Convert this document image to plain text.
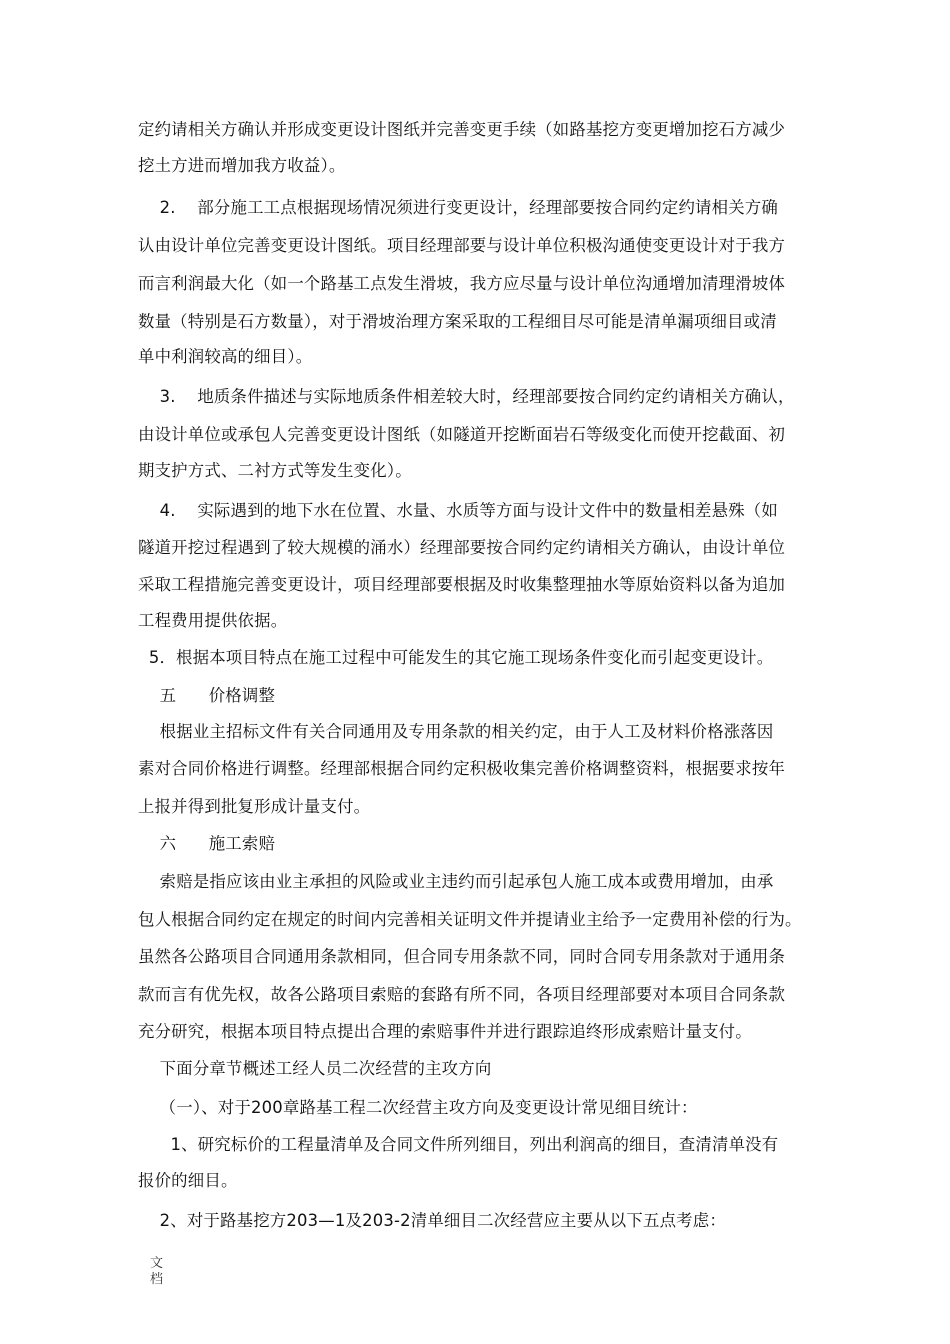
定约请相关方确认并形成变更设计图纸并完善变更手续（如路基挖方变更增加挖石方减少
挖土方进而增加我方收益）。
2.    部分施工工点根据现场情况须进行变更设计，经理部要按合同约定约请相关方确
认由设计单位完善变更设计图纸。项目经理部要与设计单位积极沟通使变更设计对于我方
而言利润最大化（如一个路基工点发生滑坡，我方应尽量与设计单位沟通增加清理滑坡体
数量（特别是石方数量），对于滑坡治理方案采取的工程细目尽可能是清单漏项细目或清
单中利润较高的细目）。
3.    地质条件描述与实际地质条件相差较大时，经理部要按合同约定约请相关方确认，
由设计单位或承包人完善变更设计图纸（如隧道开挖断面岩石等级变化而使开挖截面、初
期支护方式、二衬方式等发生变化）。
4.    实际遇到的地下水在位置、水量、水质等方面与设计文件中的数量相差悬殊（如
隧道开挖过程遇到了较大规模的涌水）经理部要按合同约定约请相关方确认，由设计单位
采取工程措施完善变更设计，项目经理部要根据及时收集整理抽水等原始资料以备为追加
工程费用提供依据。
5．根据本项目特点在施工过程中可能发生的其它施工现场条件变化而引起变更设计。
五      价格调整
根据业主招标文件有关合同通用及专用条款的相关约定，由于人工及材料价格涨落因
素对合同价格进行调整。经理部根据合同约定积极收集完善价格调整资料，根据要求按年
上报并得到批复形成计量支付。
六      施工索赔
索赔是指应该由业主承担的风险或业主违约而引起承包人施工成本或费用增加，由承
包人根据合同约定在规定的时间内完善相关证明文件并提请业主给予一定费用补偿的行为。
虽然各公路项目合同通用条款相同，但合同专用条款不同，同时合同专用条款对于通用条
款而言有优先权，故各公路项目索赔的套路有所不同，各项目经理部要对本项目合同条款
充分研究，根据本项目特点提出合理的索赔事件并进行跟踪追终形成索赔计量支付。
下面分章节概述工经人员二次经营的主攻方向
（一）、对于200章路基工程二次经营主攻方向及变更设计常见细目统计：
1、研究标价的工程量清单及合同文件所列细目，列出利润高的细目，查清清单没有
报价的细目。
2、对于路基挖方203—1及203-2清单细目二次经营应主要从以下五点考虑：
文
档
